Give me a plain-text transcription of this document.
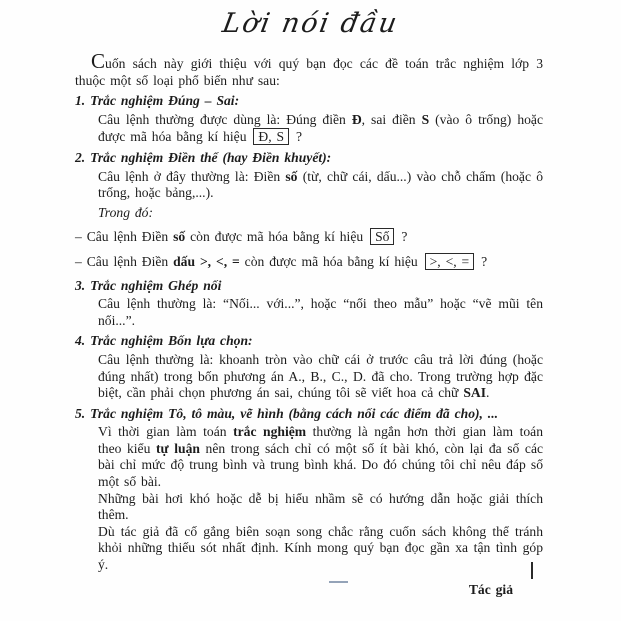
Lời nói đầu

Cuốn sách này giới thiệu với quý bạn đọc các đề toán trắc nghiệm lớp 3 thuộc một số loại phổ biến như sau:

1. Trắc nghiệm Đúng – Sai:

Câu lệnh thường được dùng là: Đúng điền Đ, sai điền S (vào ô trống) hoặc được mã hóa bằng kí hiệu Đ, S ?

2. Trắc nghiệm Điền thế (hay Điền khuyết):

Câu lệnh ở đây thường là: Điền số (từ, chữ cái, dấu...) vào chỗ chấm (hoặc ô trống, hoặc bảng,...).

Trong đó:

– Câu lệnh Điền số còn được mã hóa bằng kí hiệu Số ?

– Câu lệnh Điền dấu >, <, = còn được mã hóa bằng kí hiệu >, <, = ?

3. Trắc nghiệm Ghép nối

Câu lệnh thường là: “Nối... với...”, hoặc “nối theo mẫu” hoặc “vẽ mũi tên nối...”.

4. Trắc nghiệm Bốn lựa chọn:

Câu lệnh thường là: khoanh tròn vào chữ cái ở trước câu trả lời đúng (hoặc đúng nhất) trong bốn phương án A., B., C., D. đã cho. Trong trường hợp đặc biệt, cần phải chọn phương án sai, chúng tôi sẽ viết hoa cả chữ SAI.

5. Trắc nghiệm Tô, tô màu, vẽ hình (bằng cách nối các điểm đã cho), ...

Vì thời gian làm toán trắc nghiệm thường là ngắn hơn thời gian làm toán theo kiểu tự luận nên trong sách chỉ có một số ít bài khó, còn lại đa số các bài chỉ mức độ trung bình và trung bình khá. Do đó chúng tôi chỉ nêu đáp số một số bài.

Những bài hơi khó hoặc dễ bị hiểu nhầm sẽ có hướng dẫn hoặc giải thích thêm.

Dù tác giả đã cố gắng biên soạn song chắc rằng cuốn sách không thể tránh khỏi những thiếu sót nhất định. Kính mong quý bạn đọc gần xa tận tình góp ý.

Tác giả
